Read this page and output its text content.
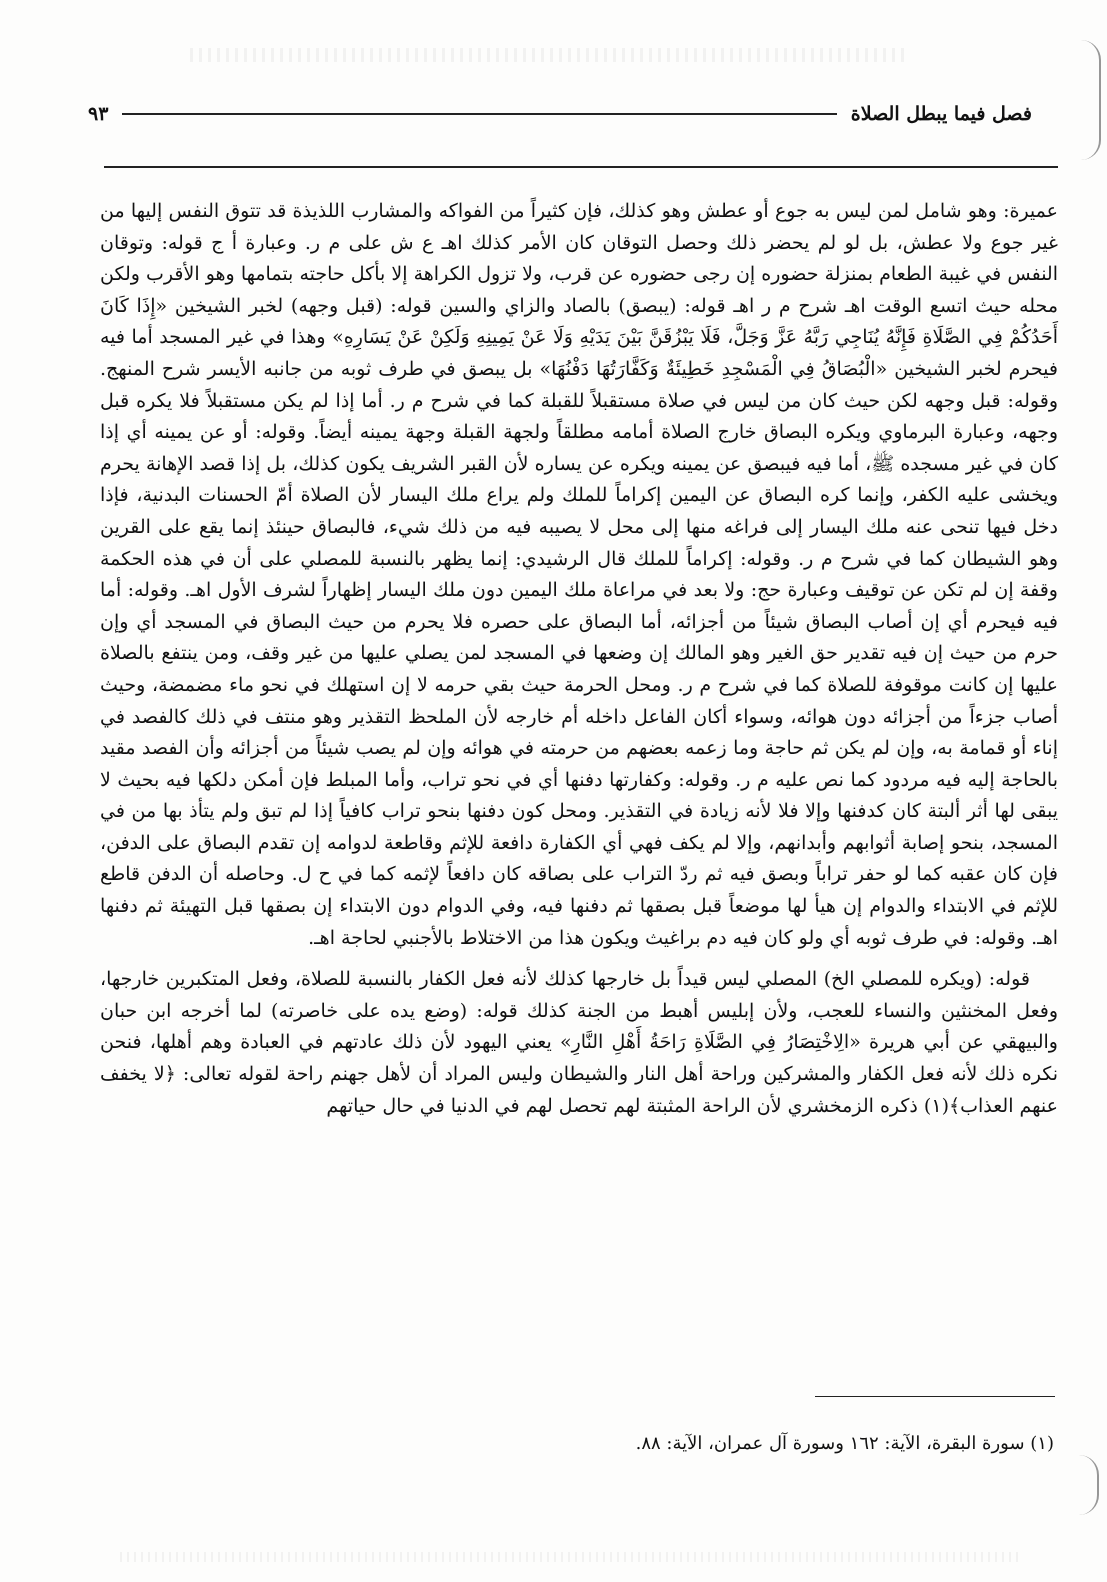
فصل فيما يبطل الصلاة
٩٣

عميرة: وهو شامل لمن ليس به جوع أو عطش وهو كذلك، فإن كثيراً من الفواكه والمشارب اللذيذة قد تتوق النفس إليها من غير جوع ولا عطش، بل لو لم يحضر ذلك وحصل التوقان كان الأمر كذلك اهـ ع ش على م ر. وعبارة أ ج قوله: وتوقان النفس في غيبة الطعام بمنزلة حضوره إن رجى حضوره عن قرب، ولا تزول الكراهة إلا بأكل حاجته بتمامها وهو الأقرب ولكن محله حيث اتسع الوقت اهـ شرح م ر اهـ قوله: (يبصق) بالصاد والزاي والسين قوله: (قبل وجهه) لخبر الشيخين «إِذَا كَانَ أَحَدُكُمْ فِي الصَّلَاةِ فَإِنَّهُ يُنَاجِي رَبَّهُ عَزَّ وَجَلَّ، فَلَا يَبْزُقَنَّ بَيْنَ يَدَيْهِ وَلَا عَنْ يَمِينِهِ وَلَكِنْ عَنْ يَسَارِهِ» وهذا في غير المسجد أما فيه فيحرم لخبر الشيخين «الْبُصَاقُ فِي الْمَسْجِدِ خَطِيئَةٌ وَكَفَّارَتُهَا دَفْنُهَا» بل يبصق في طرف ثوبه من جانبه الأيسر شرح المنهج. وقوله: قبل وجهه لكن حيث كان من ليس في صلاة مستقبلاً للقبلة كما في شرح م ر. أما إذا لم يكن مستقبلاً فلا يكره قبل وجهه، وعبارة البرماوي ويكره البصاق خارج الصلاة أمامه مطلقاً ولجهة القبلة وجهة يمينه أيضاً. وقوله: أو عن يمينه أي إذا كان في غير مسجده ﷺ، أما فيه فيبصق عن يمينه ويكره عن يساره لأن القبر الشريف يكون كذلك، بل إذا قصد الإهانة يحرم ويخشى عليه الكفر، وإنما كره البصاق عن اليمين إكراماً للملك ولم يراع ملك اليسار لأن الصلاة أمّ الحسنات البدنية، فإذا دخل فيها تنحى عنه ملك اليسار إلى فراغه منها إلى محل لا يصيبه فيه من ذلك شيء، فالبصاق حينئذ إنما يقع على القرين وهو الشيطان كما في شرح م ر. وقوله: إكراماً للملك قال الرشيدي: إنما يظهر بالنسبة للمصلي على أن في هذه الحكمة وقفة إن لم تكن عن توقيف وعبارة حج: ولا بعد في مراعاة ملك اليمين دون ملك اليسار إظهاراً لشرف الأول اهـ. وقوله: أما فيه فيحرم أي إن أصاب البصاق شيئاً من أجزائه، أما البصاق على حصره فلا يحرم من حيث البصاق في المسجد أي وإن حرم من حيث إن فيه تقدير حق الغير وهو المالك إن وضعها في المسجد لمن يصلي عليها من غير وقف، ومن ينتفع بالصلاة عليها إن كانت موقوفة للصلاة كما في شرح م ر. ومحل الحرمة حيث بقي حرمه لا إن استهلك في نحو ماء مضمضة، وحيث أصاب جزءاً من أجزائه دون هوائه، وسواء أكان الفاعل داخله أم خارجه لأن الملحظ التقذير وهو منتف في ذلك كالفصد في إناء أو قمامة به، وإن لم يكن ثم حاجة وما زعمه بعضهم من حرمته في هوائه وإن لم يصب شيئاً من أجزائه وأن الفصد مقيد بالحاجة إليه فيه مردود كما نص عليه م ر. وقوله: وكفارتها دفنها أي في نحو تراب، وأما المبلط فإن أمكن دلكها فيه بحيث لا يبقى لها أثر ألبتة كان كدفنها وإلا فلا لأنه زيادة في التقذير. ومحل كون دفنها بنحو تراب كافياً إذا لم تبق ولم يتأذ بها من في المسجد، بنحو إصابة أثوابهم وأبدانهم، وإلا لم يكف فهي أي الكفارة دافعة للإثم وقاطعة لدوامه إن تقدم البصاق على الدفن، فإن كان عقبه كما لو حفر تراباً وبصق فيه ثم ردّ التراب على بصاقه كان دافعاً لإثمه كما في ح ل. وحاصله أن الدفن قاطع للإثم في الابتداء والدوام إن هيأ لها موضعاً قبل بصقها ثم دفنها فيه، وفي الدوام دون الابتداء إن بصقها قبل التهيئة ثم دفنها اهـ. وقوله: في طرف ثوبه أي ولو كان فيه دم براغيث ويكون هذا من الاختلاط بالأجنبي لحاجة اهـ.

قوله: (ويكره للمصلي الخ) المصلي ليس قيداً بل خارجها كذلك لأنه فعل الكفار بالنسبة للصلاة، وفعل المتكبرين خارجها، وفعل المخنثين والنساء للعجب، ولأن إبليس أهبط من الجنة كذلك قوله: (وضع يده على خاصرته) لما أخرجه ابن حبان والبيهقي عن أبي هريرة «الِاخْتِصَارُ فِي الصَّلَاةِ رَاحَةُ أَهْلِ النَّارِ» يعني اليهود لأن ذلك عادتهم في العبادة وهم أهلها، فنحن نكره ذلك لأنه فعل الكفار والمشركين وراحة أهل النار والشيطان وليس المراد أن لأهل جهنم راحة لقوله تعالى: ﴿لا يخفف عنهم العذاب﴾(١) ذكره الزمخشري لأن الراحة المثبتة لهم تحصل لهم في الدنيا في حال حياتهم

(١) سورة البقرة، الآية: ١٦٢ وسورة آل عمران، الآية: ٨٨.
